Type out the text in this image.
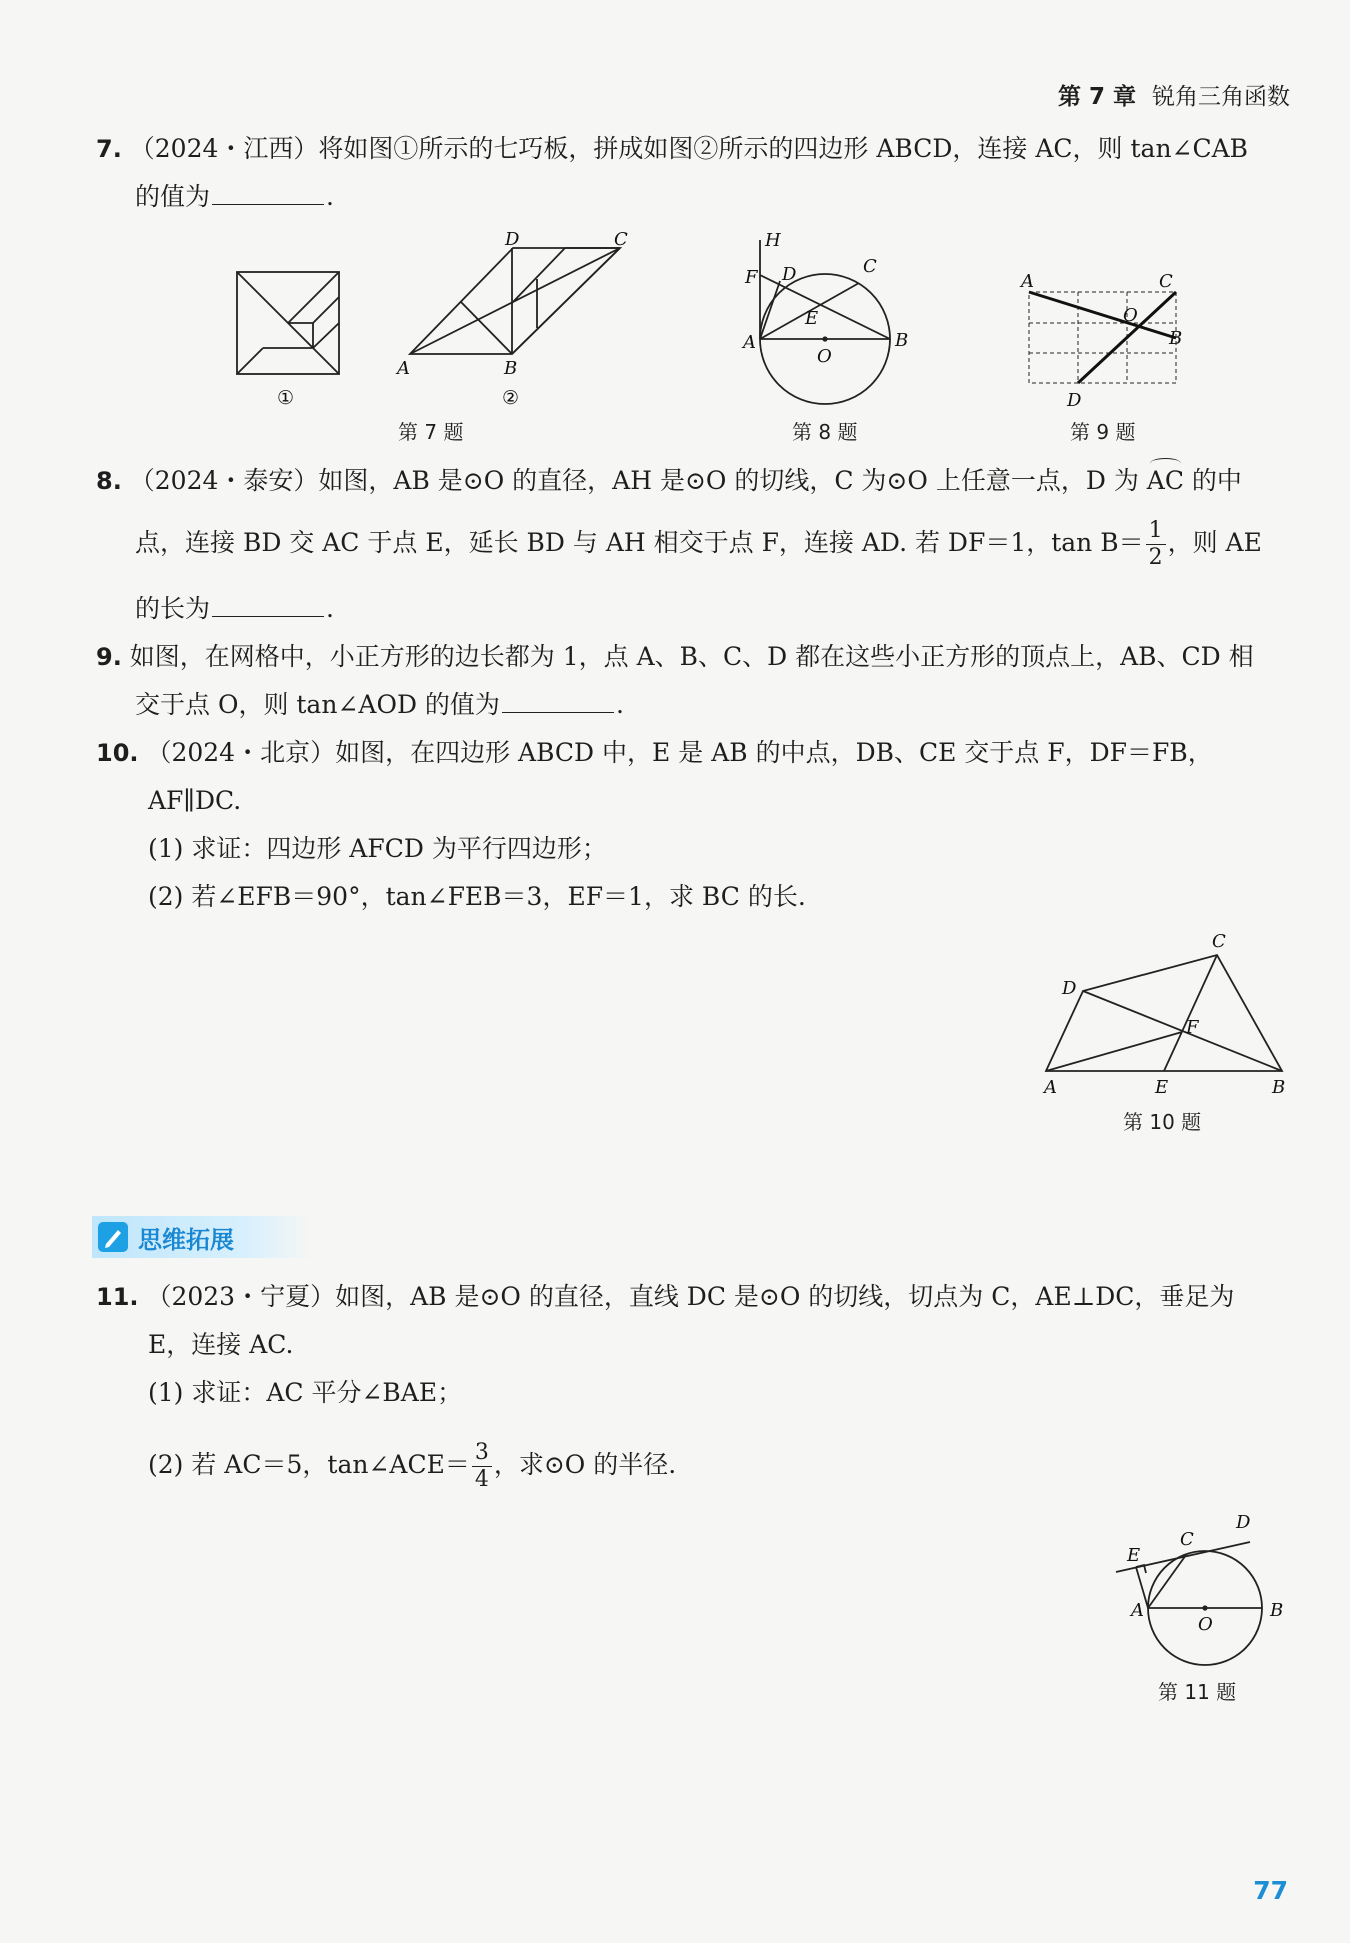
第 7 章 锐角三角函数
7. （2024・江西）将如图①所示的七巧板，拼成如图②所示的四边形 ABCD，连接 AC，则 tan∠CAB
的值为	.
A	B
C
D
①	②
第 7 题
H
F D	C
E
A	B
O
第 8 题
A	C
O
B
D
第 9 题
8. （2024・泰安）如图，AB 是⊙O 的直径，AH 是⊙O 的切线，C 为⊙O 上任意一点，D 为 AC 的中
点，连接 BD 交 AC 于点 E，延长 BD 与 AH 相交于点 F，连接 AD. 若 DF＝1，$\tan B= \frac{1}{2}$ ，则 AE
的长为	.
9. 如图，在网格中，小正方形的边长都为 1，点 A、B、C、D 都在这些小正方形的顶点上，AB、CD 相
交于点 O，则 tan∠AOD 的值为	.
10. （2024・北京）如图，在四边形 ABCD 中，E 是 AB 的中点，DB、CE 交于点 F，DF＝FB，
AF∥DC.
(1) 求证：四边形 AFCD 为平行四边形；
(2) 若∠EFB＝90°，tan∠FEB＝3，EF＝1，求 BC 的长.
A	E	B
C
D
F
第 10 题
思维拓展
11. （2023・宁夏）如图，AB 是⊙O 的直径，直线 DC 是⊙O 的切线，切点为 C，AE⊥DC，垂足为
E，连接 AC.
(1) 求证：AC 平分∠BAE；
(2) 若 AC＝5，tan∠ACE＝ $\frac{3}{4}$ ，求⊙O 的半径.
E
C
D
A	B
O
第 11 题
77
